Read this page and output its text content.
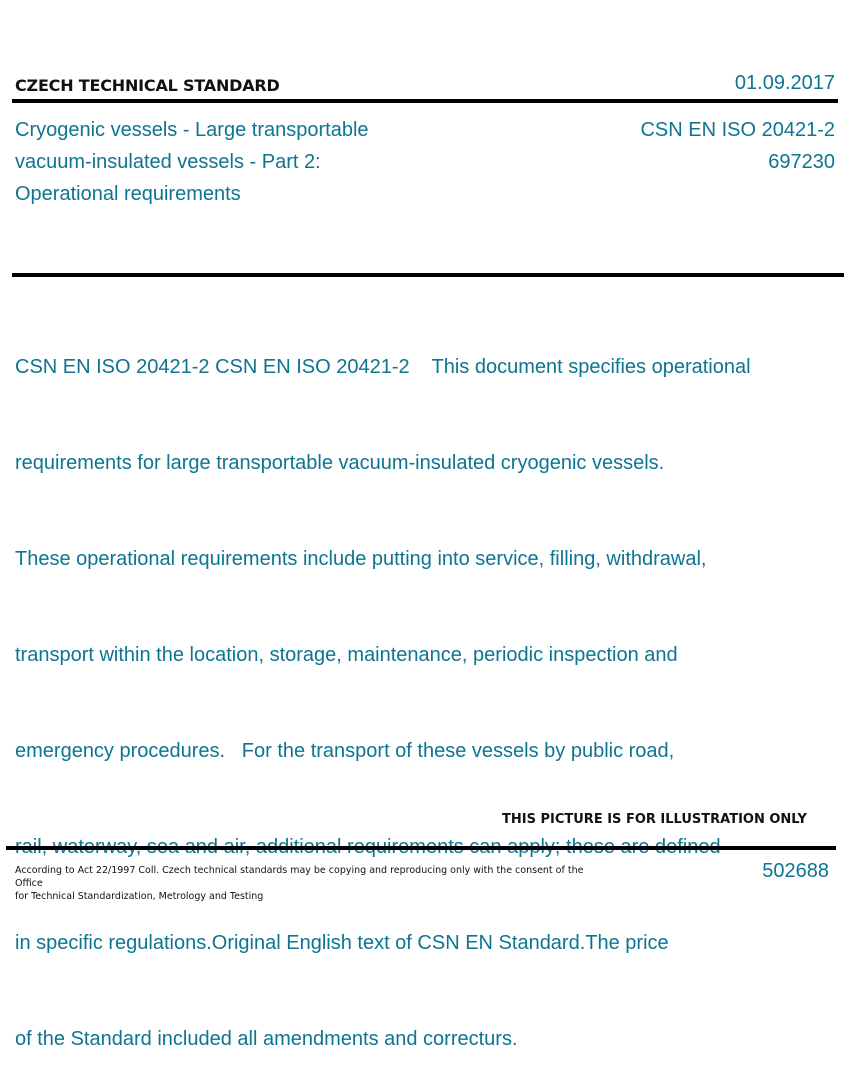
CZECH TECHNICAL STANDARD	01.09.2017
Cryogenic vessels - Large transportable
vacuum-insulated vessels - Part 2:
Operational requirements
CSN EN ISO 20421-2
697230

CSN EN ISO 20421-2 CSN EN ISO 20421-2    This document specifies operational

requirements for large transportable vacuum-insulated cryogenic vessels.

These operational requirements include putting into service, filling, withdrawal,

transport within the location, storage, maintenance, periodic inspection and

emergency procedures.   For the transport of these vessels by public road,

in specific regulations.Original English text of CSN EN Standard.The price

of the Standard included all amendments and correcturs.

THIS PICTURE IS FOR ILLUSTRATION ONLY
According to Act 22/1997 Coll. Czech technical standards may be copying and reproducing only with the consent of the Office
for Technical Standardization, Metrology and Testing
502688
